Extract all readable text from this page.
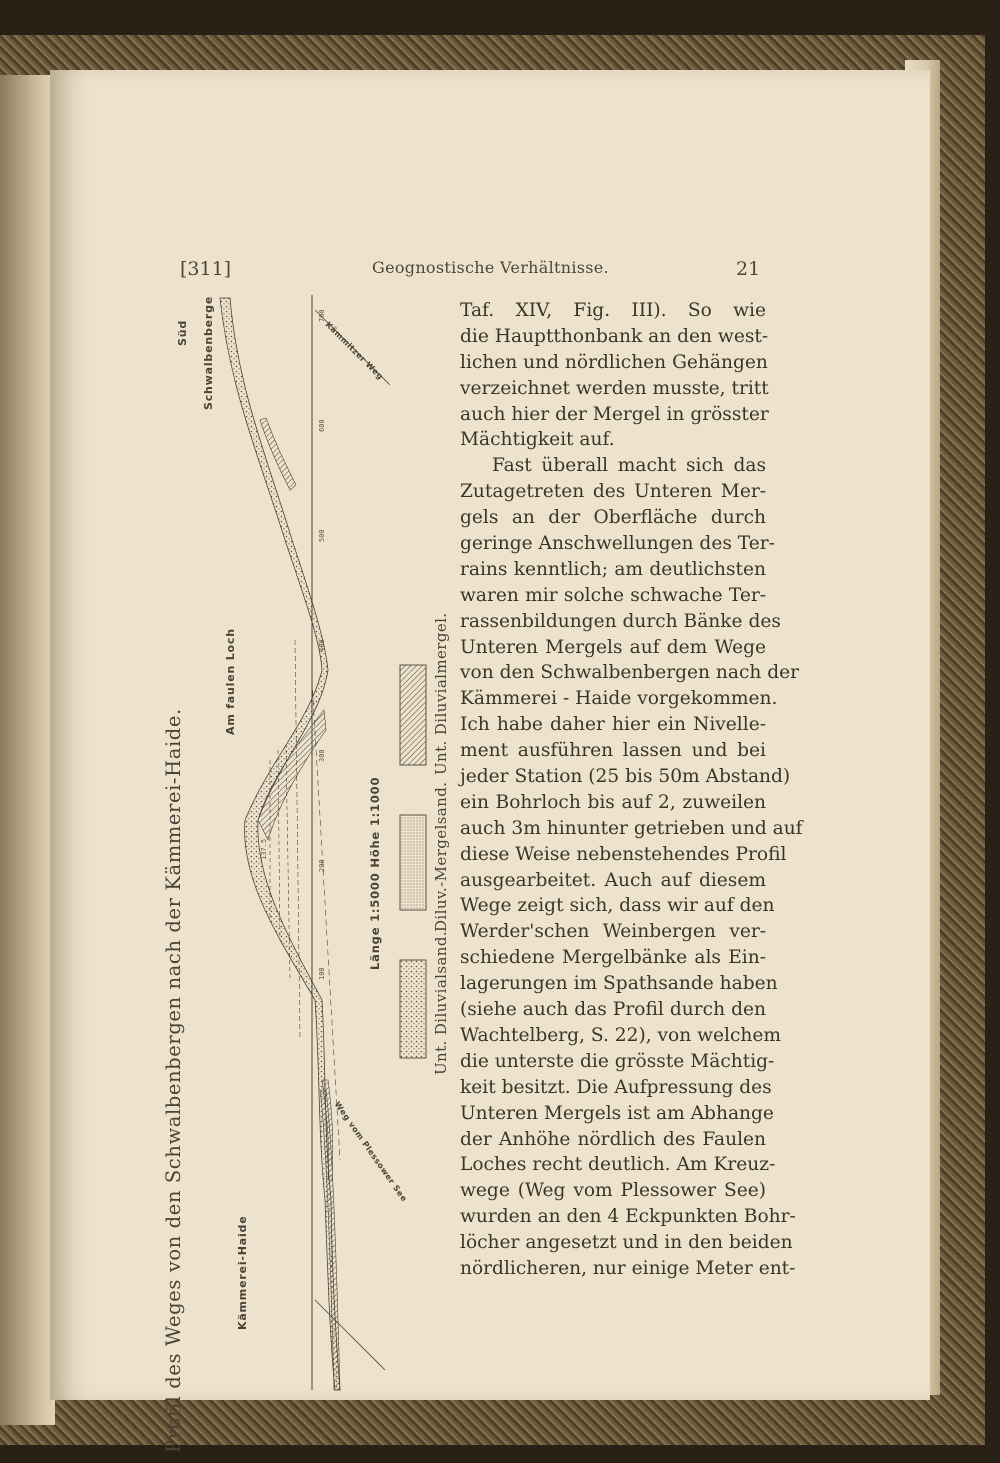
[311]	Geognostische Verhältnisse.	21
Profil des Weges von den Schwalbenbergen nach der Kämmerei-Haide.
Süd Schwalbenberge
Am faulen Loch
Kämmerei-Haide
Kämmitzer Weg
Weg vom Plessower See
Länge 1:5000 Höhe 1:1000
137.5
100
200
300
400
500
600
700
Unt. Diluvialmergel.
Diluv.-Mergelsand.
Unt. Diluvialsand.
Taf. XIV, Fig. III). So wie
die Hauptthonbank an den west-
lichen und nördlichen Gehängen
verzeichnet werden musste, tritt
auch hier der Mergel in grösster
Mächtigkeit auf.
Fast überall macht sich das
Zutagetreten des Unteren Mer-
gels an der Oberfläche durch
geringe Anschwellungen des Ter-
rains kenntlich; am deutlichsten
waren mir solche schwache Ter-
rassenbildungen durch Bänke des
Unteren Mergels auf dem Wege
von den Schwalbenbergen nach der
Kämmerei - Haide vorgekommen.
Ich habe daher hier ein Nivelle-
ment ausführen lassen und bei
jeder Station (25 bis 50m Abstand)
ein Bohrloch bis auf 2, zuweilen
auch 3m hinunter getrieben und auf
diese Weise nebenstehendes Profil
ausgearbeitet. Auch auf diesem
Wege zeigt sich, dass wir auf den
Werder'schen Weinbergen ver-
schiedene Mergelbänke als Ein-
lagerungen im Spathsande haben
(siehe auch das Profil durch den
Wachtelberg, S. 22), von welchem
die unterste die grösste Mächtig-
keit besitzt. Die Aufpressung des
Unteren Mergels ist am Abhange
der Anhöhe nördlich des Faulen
Loches recht deutlich. Am Kreuz-
wege (Weg vom Plessower See)
wurden an den 4 Eckpunkten Bohr-
löcher angesetzt und in den beiden
nördlicheren, nur einige Meter ent-
